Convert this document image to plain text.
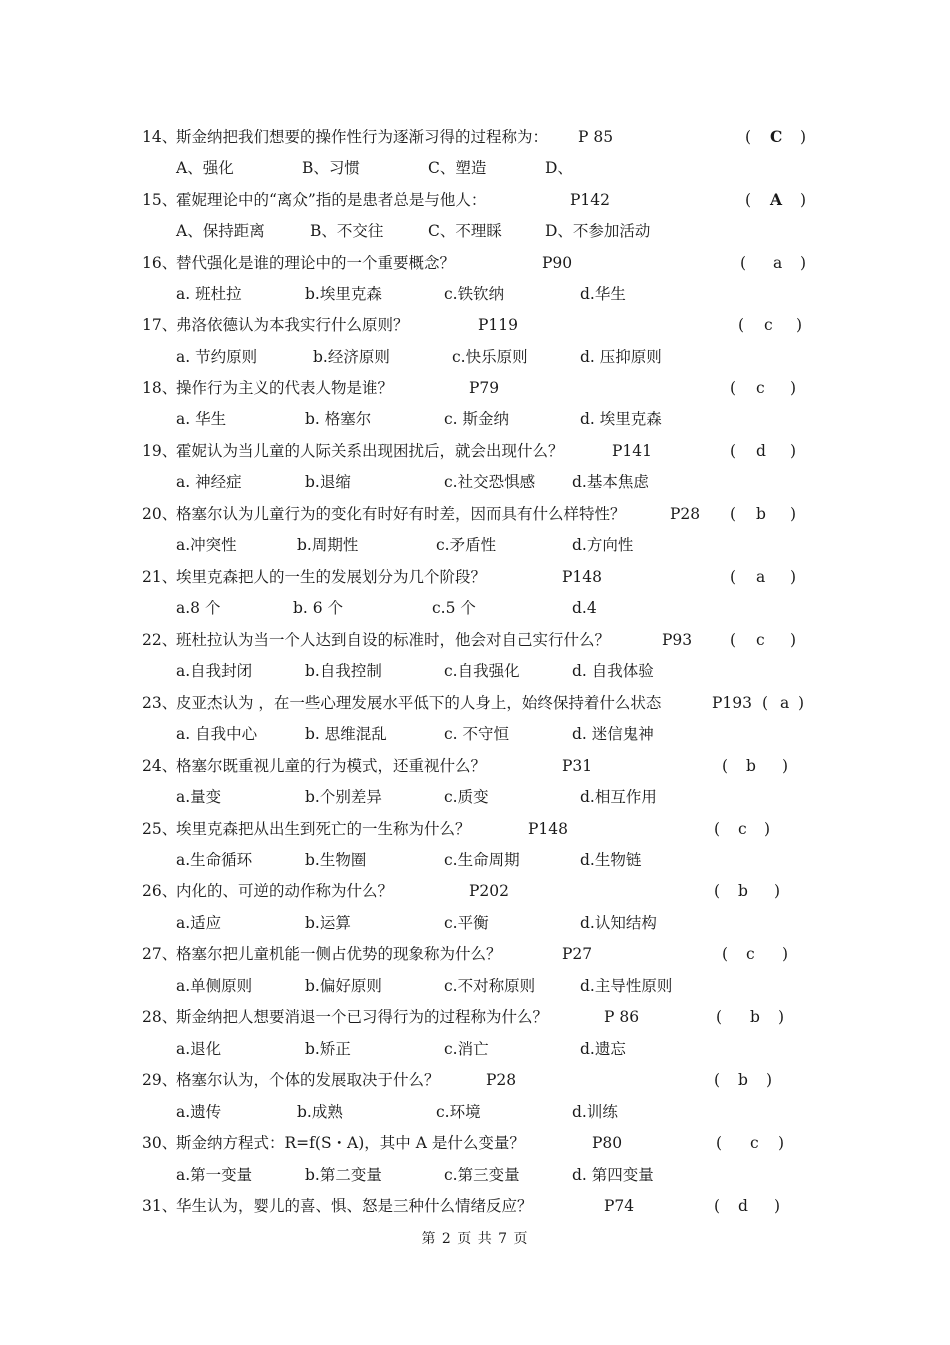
14、
斯金纳把我们想要的操作性行为逐渐习得的过程称为： P 85	( C )
A、强化	B、习惯	C、塑造	D、
15、
霍妮理论中的“离众”指的是患者总是与他人：	P142	( A )
A、保持距离	B、不交往	C、不理睬	D、不参加活动
16、
替代强化是谁的理论中的一个重要概念？	P90	( a )
a. 班杜拉	b.埃里克森	c.铁钦纳	d.华生
17、
弗洛依德认为本我实行什么原则？	P119	( c )
a. 节约原则	b.经济原则	c.快乐原则	d. 压抑原则
18、
操作行为主义的代表人物是谁？	P79	( c )
a. 华生	b. 格塞尔	c. 斯金纳	d. 埃里克森
19、
霍妮认为当儿童的人际关系出现困扰后，就会出现什么？	P141	( d )
a. 神经症	b.退缩	c.社交恐惧感 d.基本焦虑
20、
格塞尔认为儿童行为的变化有时好有时差，因而具有什么样特性？	P28 ( b )
a.冲突性	b.周期性	c.矛盾性	d.方向性
21、
埃里克森把人的一生的发展划分为几个阶段？	P148	( a )
a.8 个	b. 6 个	c.5 个	d.4
22、
班杜拉认为当一个人达到自设的标准时，他会对自己实行什么？	P93 ( c )
a.自我封闭	b.自我控制	c.自我强化	d. 自我体验
23、
皮亚杰认为 ，在一些心理发展水平低下的人身上，始终保持着什么状态	P193 ( a )
a. 自我中心	b. 思维混乱	c. 不守恒	d. 迷信鬼神
24、
格塞尔既重视儿童的行为模式，还重视什么？	P31	( b )
a.量变	b.个别差异	c.质变	d.相互作用
25、
埃里克森把从出生到死亡的一生称为什么？	P148	( c )
a.生命循环	b.生物圈	c.生命周期	d.生物链
26、
内化的、可逆的动作称为什么？	P202	( b )
a.适应	b.运算	c.平衡	d.认知结构
27、
格塞尔把儿童机能一侧占优势的现象称为什么？	P27	( c )
a.单侧原则	b.偏好原则	c.不对称原则	d.主导性原则
28、
斯金纳把人想要消退一个已习得行为的过程称为什么？	P 86	( b )
a.退化	b.矫正	c.消亡	d.遗忘
29、
格塞尔认为，个体的发展取决于什么？	P28	( b )
a.遗传	b.成熟	c.环境	d.训练
30、
斯金纳方程式：R=f(S・A)，其中 A 是什么变量？	P80	( c )
a.第一变量	b.第二变量	c.第三变量	d. 第四变量
31、
华生认为，婴儿的喜、惧、怒是三种什么情绪反应？	P74	( d )
第 2 页 共 7 页
